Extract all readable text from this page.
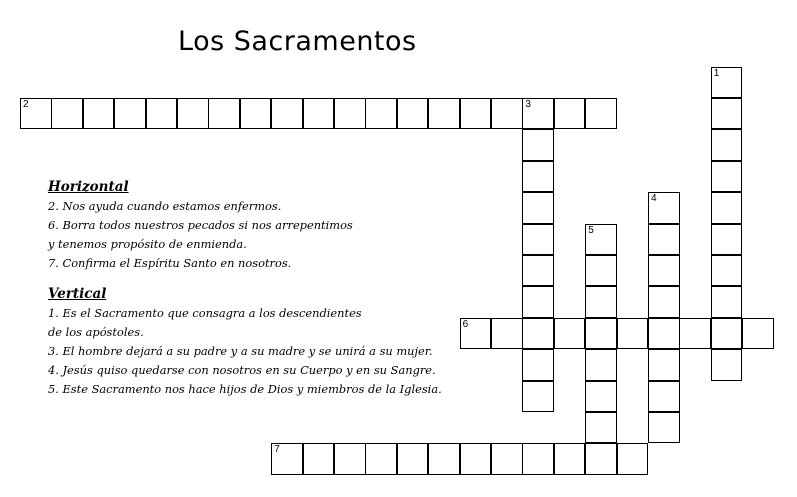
Los Sacramentos
1
2	3
4
5
6
7
Horizontal
2. Nos ayuda cuando estamos enfermos.
6. Borra todos nuestros pecados si nos arrepentimos
y tenemos propósito de enmienda.
7. Confirma el Espíritu Santo en nosotros.
Vertical
1. Es el Sacramento que consagra a los descendientes
de los apóstoles.
3. El hombre dejará a su padre y a su madre y se unirá a su mujer.
4. Jesús quiso quedarse con nosotros en su Cuerpo y en su Sangre.
5. Este Sacramento nos hace hijos de Dios y miembros de la Iglesia.
